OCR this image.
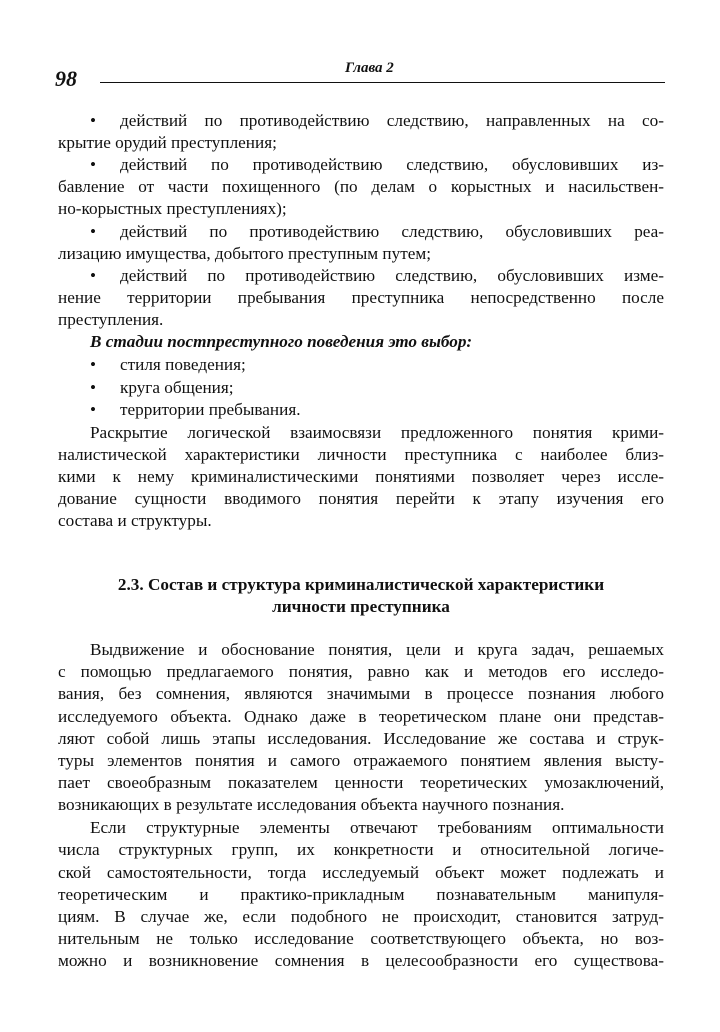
98	Глава 2
•	действий по противодействию следствию, направленных на со-
крытие орудий преступления;
•	действий по противодействию следствию, обусловивших из-
бавление от части похищенного (по делам о корыстных и насильствен-
но-корыстных преступлениях);
•	действий по противодействию следствию, обусловивших реа-
лизацию имущества, добытого преступным путем;
•	действий по противодействию следствию, обусловивших изме-
нение территории пребывания преступника непосредственно после
преступления.
В стадии постпреступного поведения это выбор:
•	стиля поведения;
•	круга общения;
•	территории пребывания.
Раскрытие логической взаимосвязи предложенного понятия крими-
налистической характеристики личности преступника с наиболее близ-
кими к нему криминалистическими понятиями позволяет через иссле-
дование сущности вводимого понятия перейти к этапу изучения его
состава и структуры.
2.3. Состав и структура криминалистической характеристики
личности преступника
Выдвижение и обоснование понятия, цели и круга задач, решаемых
с помощью предлагаемого понятия, равно как и методов его исследо-
вания, без сомнения, являются значимыми в процессе познания любого
исследуемого объекта. Однако даже в теоретическом плане они представ-
ляют собой лишь этапы исследования. Исследование же состава и струк-
туры элементов понятия и самого отражаемого понятием явления высту-
пает своеобразным показателем ценности теоретических умозаключений,
возникающих в результате исследования объекта научного познания.
Если структурные элементы отвечают требованиям оптимальности
числа структурных групп, их конкретности и относительной логиче-
ской самостоятельности, тогда исследуемый объект может подлежать и
теоретическим и практико-прикладным познавательным манипуля-
циям. В случае же, если подобного не происходит, становится затруд-
нительным не только исследование соответствующего объекта, но воз-
можно и возникновение сомнения в целесообразности его существова-
